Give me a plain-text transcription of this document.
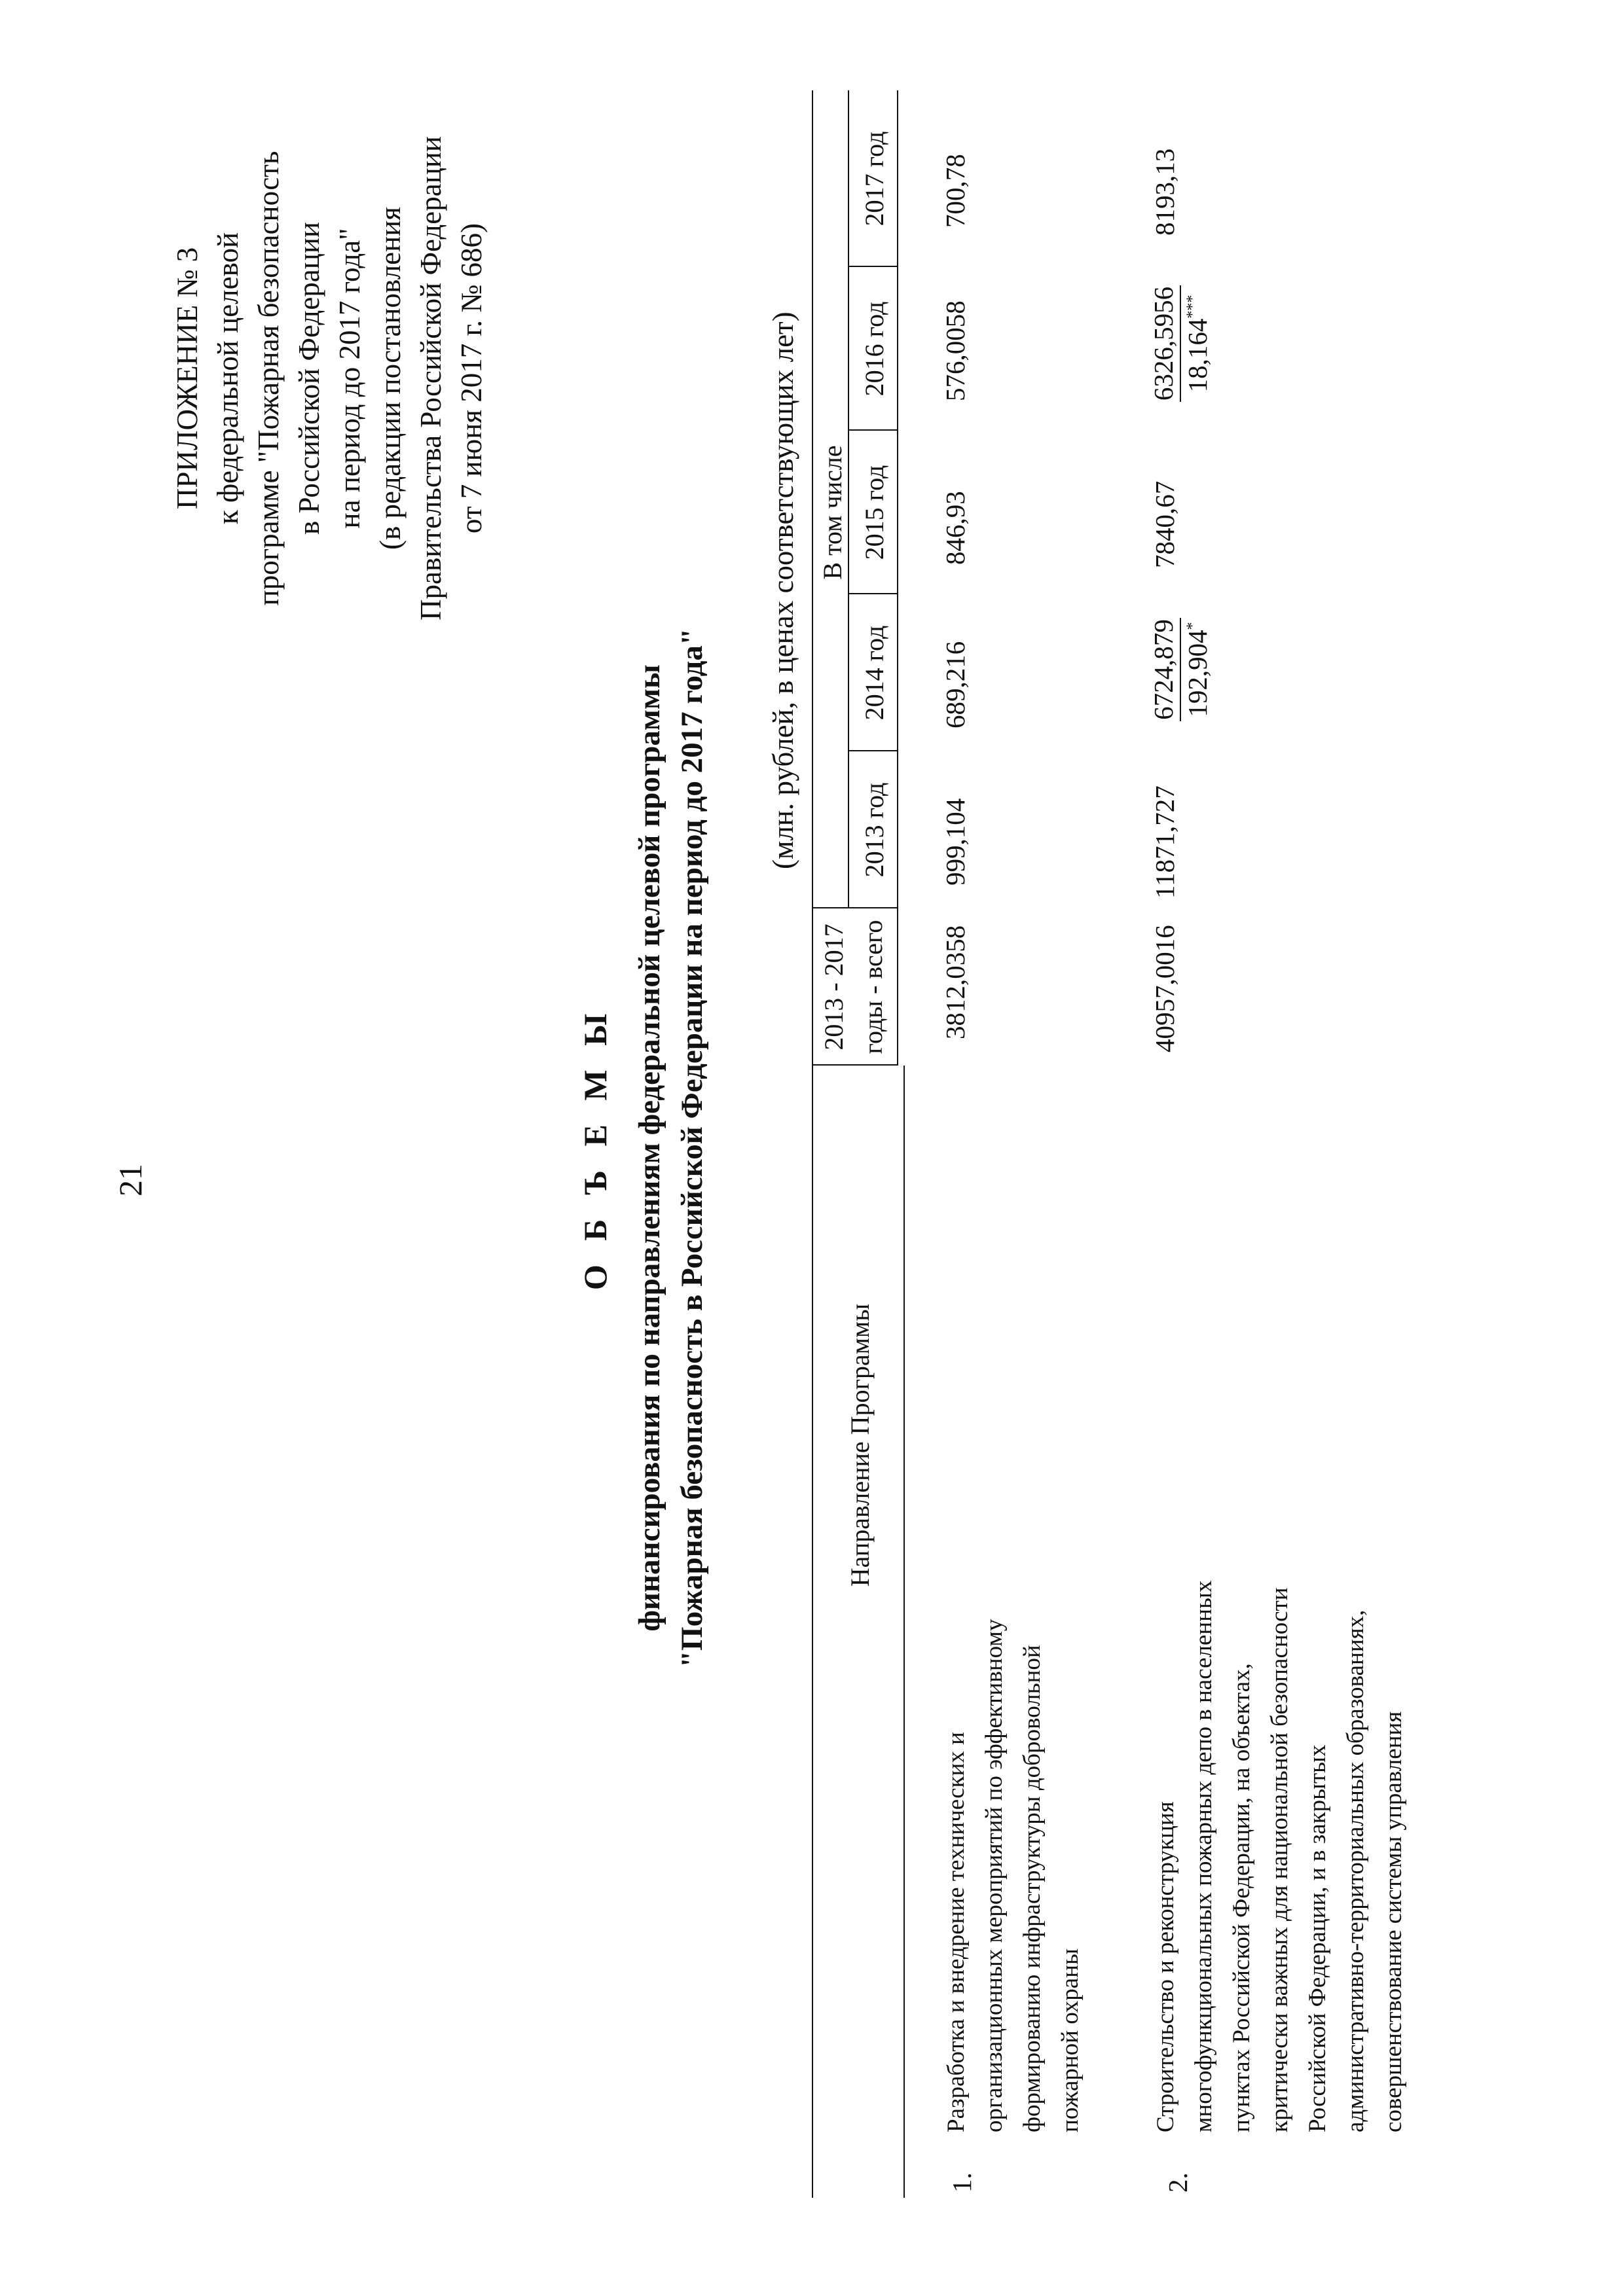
21
ПРИЛОЖЕНИЕ № 3 к федеральной целевой программе "Пожарная безопасность в Российской Федерации на период до 2017 года" (в редакции постановления Правительства Российской Федерации от 7 июня 2017 г. № 686)
О Б Ъ Е М Ы финансирования по направлениям федеральной целевой программы "Пожарная безопасность в Российской Федерации на период до 2017 года"
(млн. рублей, в ценах соответствующих лет)
Направление Программы
2013 - 2017 годы - всего
В том числе
2013 год
2014 год
2015 год
2016 год
2017 год
1.
Разработка и внедрение технических и организационных мероприятий по эффективному формированию инфраструктуры добровольной пожарной охраны
3812,0358
999,104
689,216
846,93
576,0058
700,78
2.
Строительство и реконструкция многофункциональных пожарных депо в населенных пунктах Российской Федерации, на объектах, критически важных для национальной безопасности Российской Федерации, и в закрытых административно-территориальных образованиях, совершенствование системы управления
40957,0016
11871,727
6724,879 192,904*
7840,67
6326,5956 18,164***
8193,13
